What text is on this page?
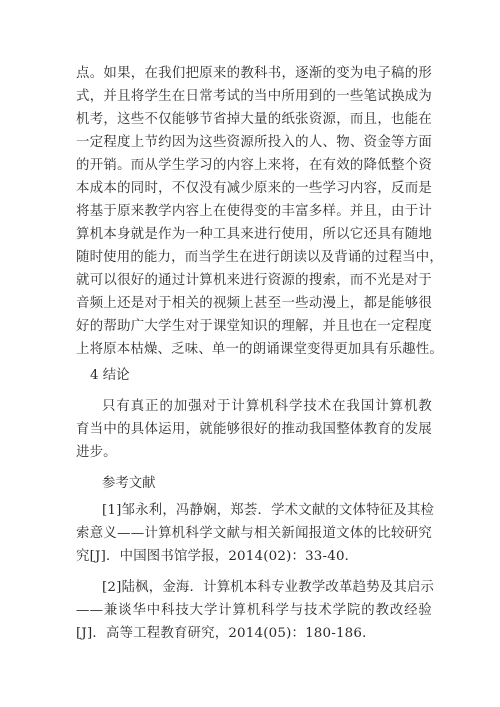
点。如果，在我们把原来的教科书，逐渐的变为电子稿的形
式，并且将学生在日常考试的当中所用到的一些笔试换成为
机考，这些不仅能够节省掉大量的纸张资源，而且，也能在
一定程度上节约因为这些资源所投入的人、物、资金等方面
的开销。而从学生学习的内容上来将，在有效的降低整个资
本成本的同时，不仅没有减少原来的一些学习内容，反而是
将基于原来教学内容上在使得变的丰富多样。并且，由于计
算机本身就是作为一种工具来进行使用，所以它还具有随地
随时使用的能力，而当学生在进行朗读以及背诵的过程当中，
就可以很好的通过计算机来进行资源的搜索，而不光是对于
音频上还是对于相关的视频上甚至一些动漫上，都是能够很
好的帮助广大学生对于课堂知识的理解，并且也在一定程度
上将原本枯燥、乏味、单一的朗诵课堂变得更加具有乐趣性。
4 结论
只有真正的加强对于计算机科学技术在我国计算机教
育当中的具体运用，就能够很好的推动我国整体教育的发展
进步。
参考文献
[1]邹永利，冯静娴，郑荟．学术文献的文体特征及其检
索意义——计算机科学文献与相关新闻报道文体的比较研究
究[J]．中国图书馆学报，2014(02)：33-40．
[2]陆枫，金海．计算机本科专业教学改革趋势及其启示
——兼谈华中科技大学计算机科学与技术学院的教改经验
[J]．高等工程教育研究，2014(05)：180-186．
